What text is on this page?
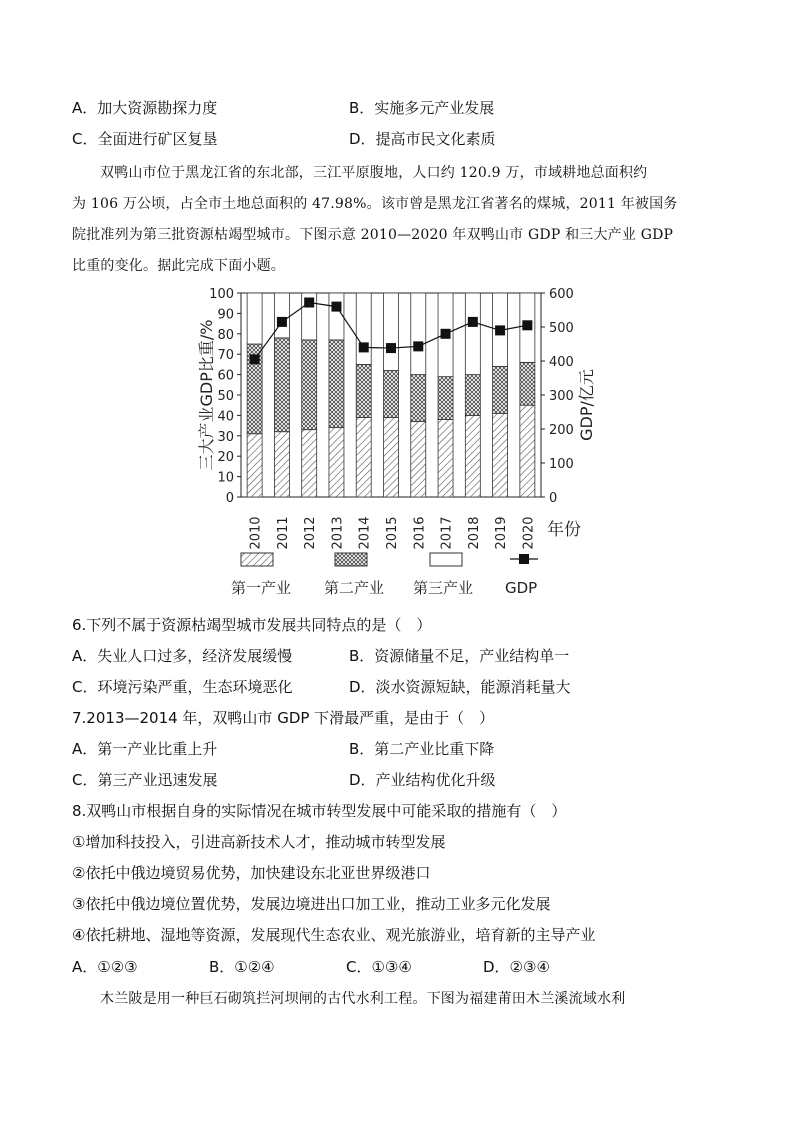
A．加大资源勘探力度	B．实施多元产业发展
C．全面进行矿区复垦	D．提高市民文化素质
双鸭山市位于黑龙江省的东北部，三江平原腹地，人口约 120.9 万，市域耕地总面积约
为 106 万公顷，占全市土地总面积的 47.98%。该市曾是黑龙江省著名的煤城，2011 年被国务
院批准列为第三批资源枯竭型城市。下图示意 2010—2020 年双鸭山市 GDP 和三大产业 GDP
比重的变化。据此完成下面小题。
0
10
20
30
40
50
60
70
80
90
100
0
100
200
300
400
500
600
2010 2011 2012 2013 2014 2015 2016 2017 2018 2019 2020
三大产业GDP比重/%	GDP/亿元
年份
第一产业 第二产业 第三产业 GDP
6.下列不属于资源枯竭型城市发展共同特点的是（　）
A．失业人口过多，经济发展缓慢	B．资源储量不足，产业结构单一
C．环境污染严重，生态环境恶化	D．淡水资源短缺，能源消耗量大
7.2013—2014 年，双鸭山市 GDP 下滑最严重，是由于（　）
A．第一产业比重上升	B．第二产业比重下降
C．第三产业迅速发展	D．产业结构优化升级
8.双鸭山市根据自身的实际情况在城市转型发展中可能采取的措施有（　）
①增加科技投入，引进高新技术人才，推动城市转型发展
②依托中俄边境贸易优势，加快建设东北亚世界级港口
③依托中俄边境位置优势，发展边境进出口加工业，推动工业多元化发展
④依托耕地、湿地等资源，发展现代生态农业、观光旅游业，培育新的主导产业
A．①②③	B．①②④	C．①③④	D．②③④
木兰陂是用一种巨石砌筑拦河坝闸的古代水利工程。下图为福建莆田木兰溪流域水利
